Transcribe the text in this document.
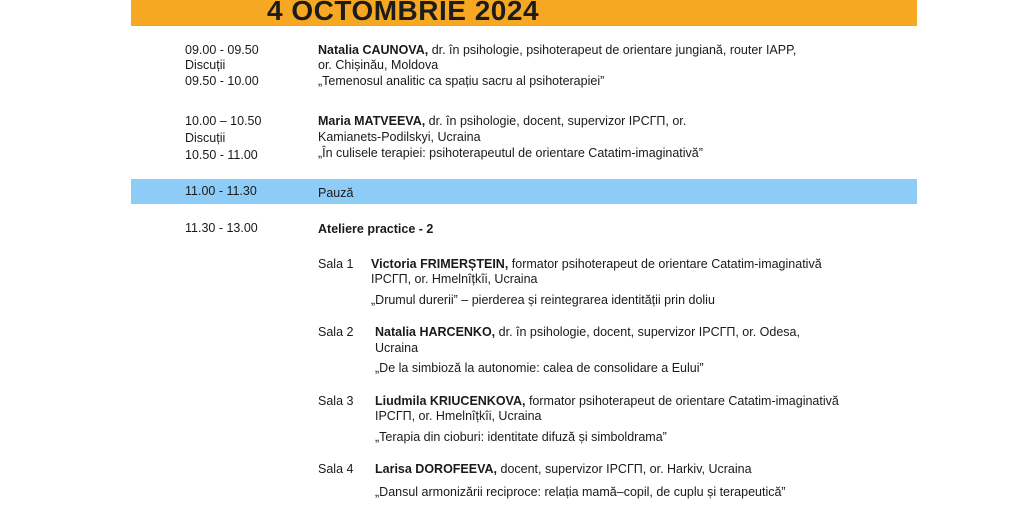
4 OCTOMBRIE 2024
09.00 - 09.50
Discuții
09.50 - 10.00
Natalia CAUNOVA, dr. în psihologie, psihoterapeut de orientare jungiană, router IAPP,
or. Chișinău, Moldova
„Temenosul analitic ca spațiu sacru al psihoterapiei”
10.00 – 10.50
Discuții
10.50 - 11.00
Maria MATVEEVA, dr. în psihologie, docent, supervizor IPCГП, or.
Kamianets-Podilskyi, Ucraina
„În culisele terapiei: psihoterapeutul de orientare Catatim-imaginativă”
11.00 - 11.30	Pauză
11.30 - 13.00	Ateliere practice - 2
Sala 1 Victoria FRIMERȘTEIN, formator psihoterapeut de orientare Catatim-imaginativă
IPCГП, or. Hmelnîțkîi, Ucraina
„Drumul durerii” – pierderea și reintegrarea identității prin doliu
Sala 2 Natalia HARCENKO, dr. în psihologie, docent, supervizor IPCГП, or. Odesa,
Ucraina
„De la simbioză la autonomie: calea de consolidare a Eului”
Sala 3 Liudmila KRIUCENKOVA, formator psihoterapeut de orientare Catatim-imaginativă
IPCГП, or. Hmelnîțkîi, Ucraina
„Terapia din cioburi: identitate difuză și simboldrama”
Sala 4 Larisa DOROFEEVA, docent, supervizor IPCГП, or. Harkiv, Ucraina
„Dansul armonizării reciproce: relația mamă–copil, de cuplu și terapeutică”
